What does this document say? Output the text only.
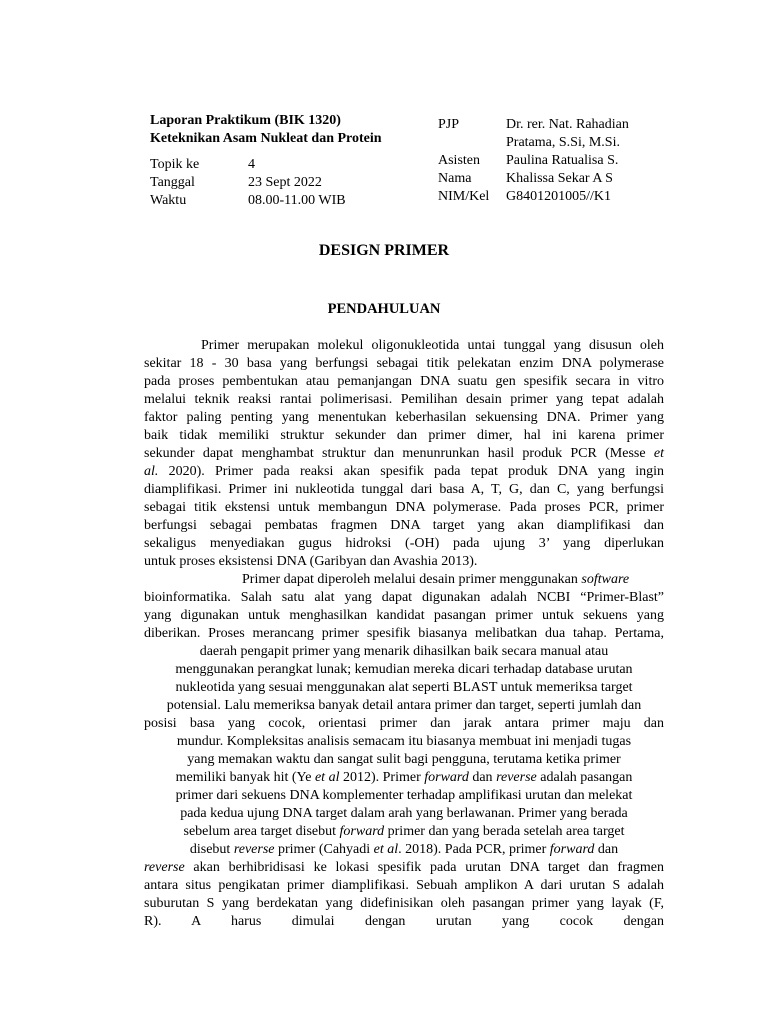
Laporan Praktikum (BIK 1320)
Keteknikan Asam Nukleat dan Protein
Topik ke	4
Tanggal	23 Sept 2022
Waktu	08.00-11.00 WIB
PJP	Dr. rer. Nat. Rahadian
Pratama, S.Si, M.Si.
Asisten	Paulina Ratualisa S.
Nama	Khalissa Sekar A S
NIM/Kel	G8401201005//K1
DESIGN PRIMER
PENDAHULUAN
Primer merupakan molekul oligonukleotida untai tunggal yang disusun oleh
sekitar 18 - 30 basa yang berfungsi sebagai titik pelekatan enzim DNA polymerase
pada proses pembentukan atau pemanjangan DNA suatu gen spesifik secara in vitro
melalui teknik reaksi rantai polimerisasi. Pemilihan desain primer yang tepat adalah
faktor paling penting yang menentukan keberhasilan sekuensing DNA. Primer yang
baik tidak memiliki struktur sekunder dan primer dimer, hal ini karena primer
sekunder dapat menghambat struktur dan menunrunkan hasil produk PCR (Messe et
al. 2020). Primer pada reaksi akan spesifik pada tepat produk DNA yang ingin
diamplifikasi. Primer ini nukleotida tunggal dari basa A, T, G, dan C, yang berfungsi
sebagai titik ekstensi untuk membangun DNA polymerase. Pada proses PCR, primer
berfungsi sebagai pembatas fragmen DNA target yang akan diamplifikasi dan
sekaligus menyediakan gugus hidroksi (-OH) pada ujung 3’ yang diperlukan
untuk proses eksistensi DNA (Garibyan dan Avashia 2013).
Primer dapat diperoleh melalui desain primer menggunakan software
bioinformatika. Salah satu alat yang dapat digunakan adalah NCBI “Primer-Blast”
yang digunakan untuk menghasilkan kandidat pasangan primer untuk sekuens yang
diberikan. Proses merancang primer spesifik biasanya melibatkan dua tahap. Pertama,
daerah pengapit primer yang menarik dihasilkan baik secara manual atau
menggunakan perangkat lunak; kemudian mereka dicari terhadap database urutan
nukleotida yang sesuai menggunakan alat seperti BLAST untuk memeriksa target
potensial. Lalu memeriksa banyak detail antara primer dan target, seperti jumlah dan
posisi basa yang cocok, orientasi primer dan jarak antara primer maju dan
mundur. Kompleksitas analisis semacam itu biasanya membuat ini menjadi tugas
yang memakan waktu dan sangat sulit bagi pengguna, terutama ketika primer
memiliki banyak hit (Ye et al 2012). Primer forward dan reverse adalah pasangan
primer dari sekuens DNA komplementer terhadap amplifikasi urutan dan melekat
pada kedua ujung DNA target dalam arah yang berlawanan. Primer yang berada
sebelum area target disebut forward primer dan yang berada setelah area target
disebut reverse primer (Cahyadi et al. 2018). Pada PCR, primer forward dan
reverse akan berhibridisasi ke lokasi spesifik pada urutan DNA target dan fragmen
antara situs pengikatan primer diamplifikasi. Sebuah amplikon A dari urutan S adalah
suburutan S yang berdekatan yang didefinisikan oleh pasangan primer yang layak (F,
R). A harus dimulai dengan urutan yang cocok dengan
